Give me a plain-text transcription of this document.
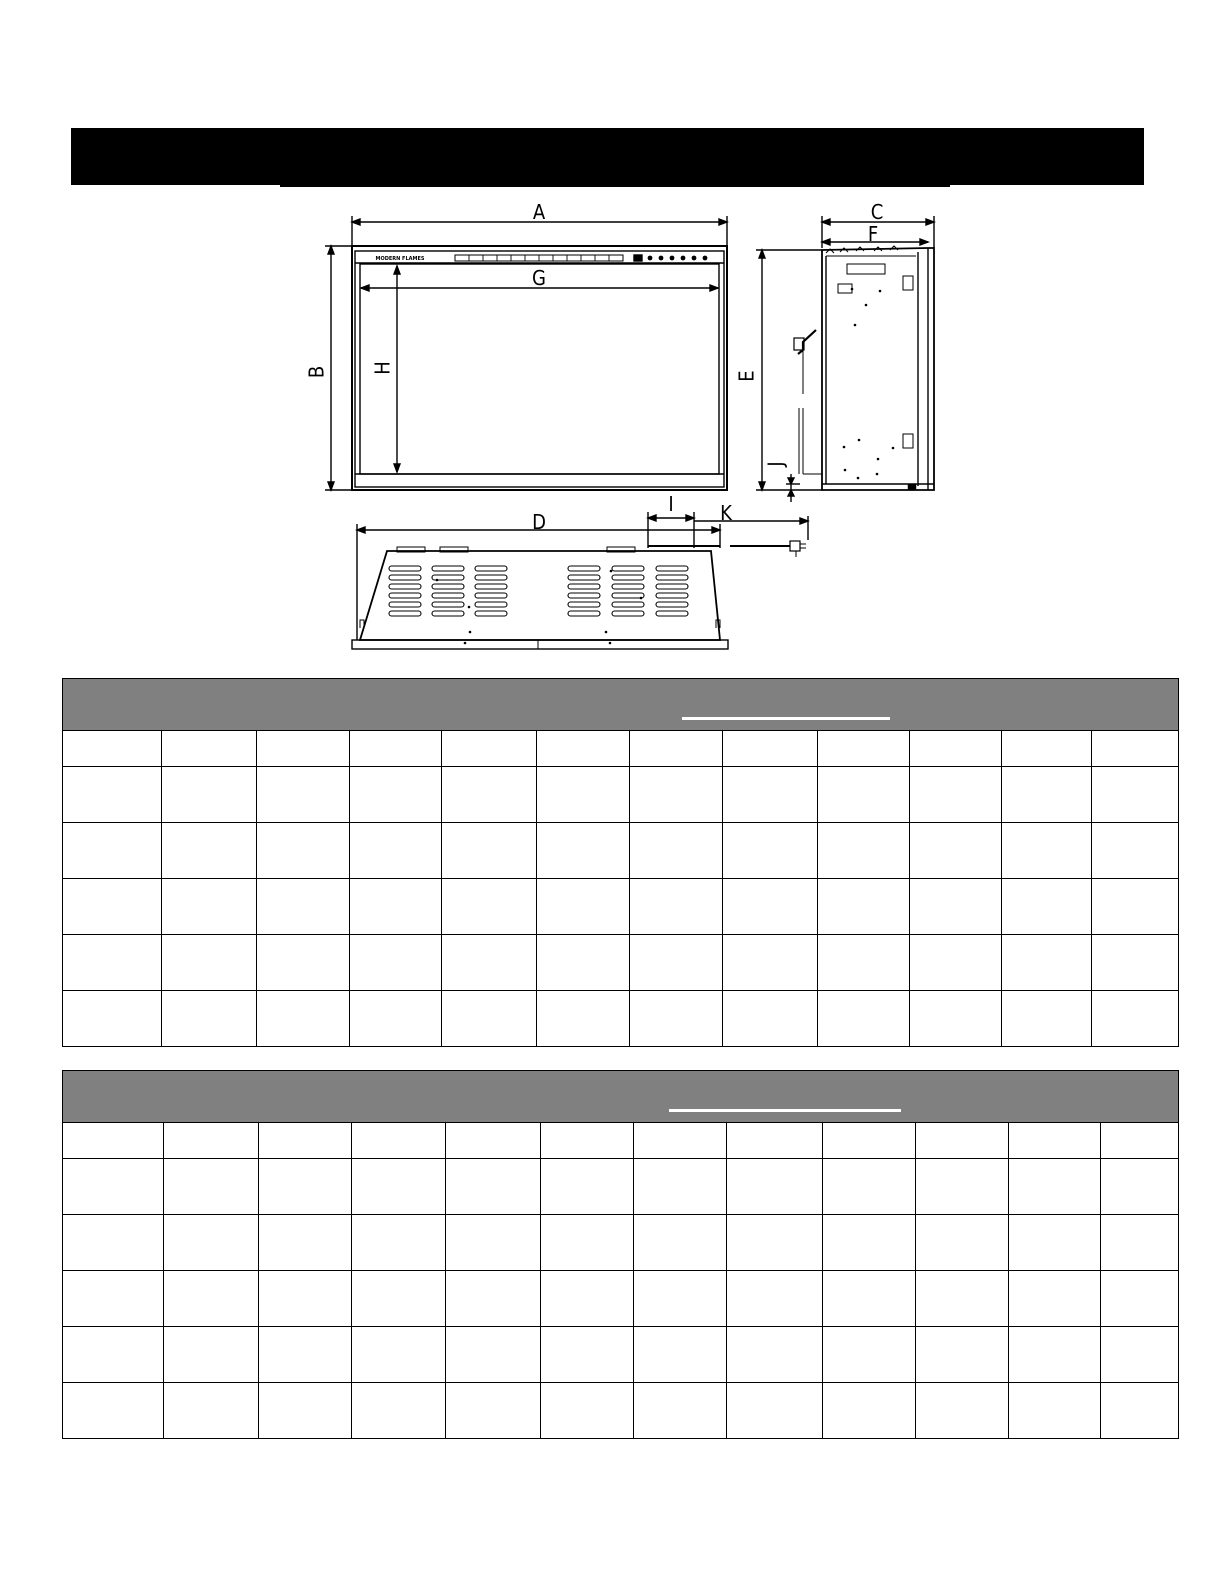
A
B
G
H
C
F
E
J
D
I K
MODERN FLAMES
